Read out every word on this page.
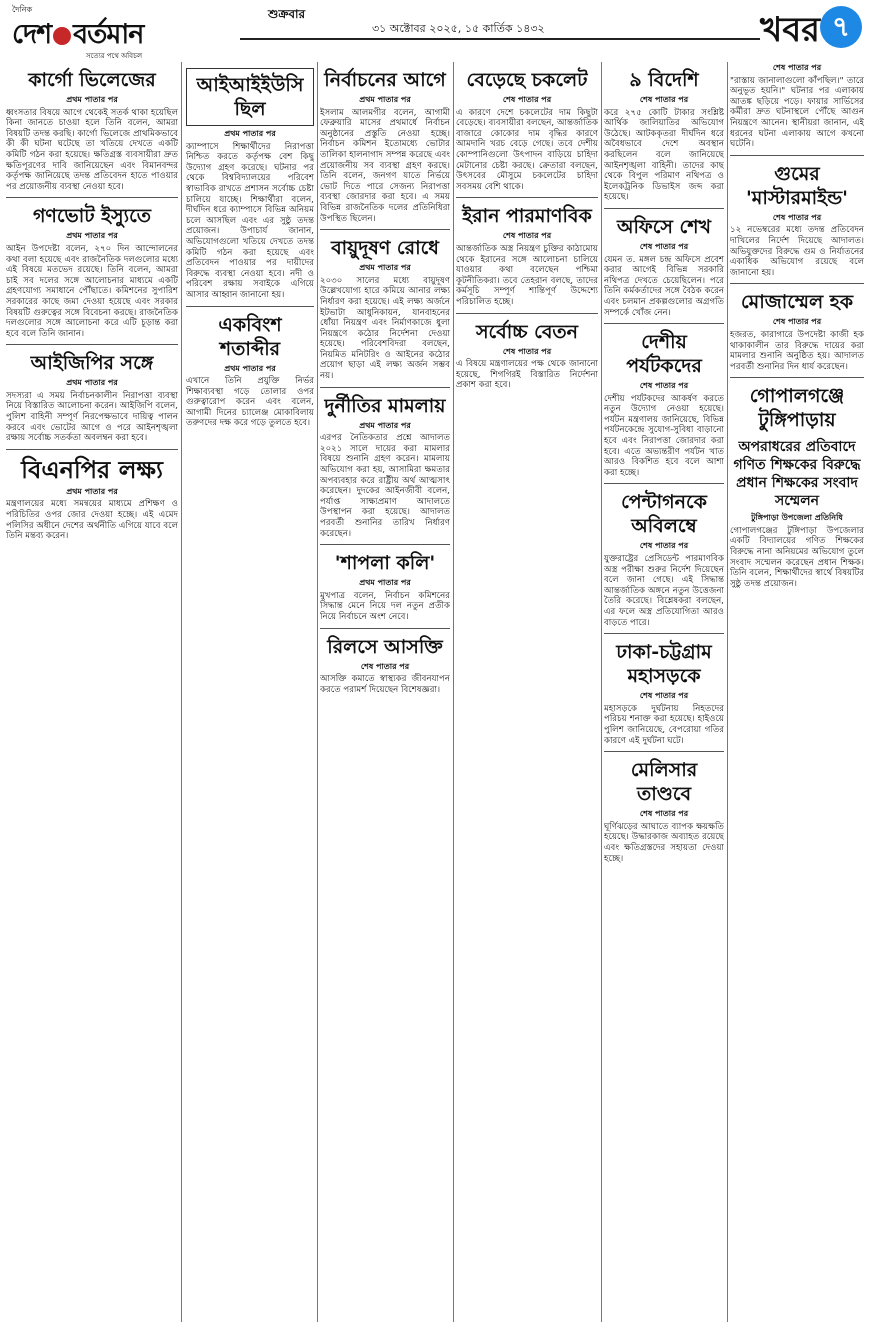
দৈনিক
দেশ বর্তমান
সত্যের পথে অবিচল
শুক্রবার
৩১ অক্টোবর ২০২৫, ১৫ কার্তিক ১৪৩২	খবর ৭
কার্গো ভিলেজের
প্রথম পাতার পর

ধ্বংসতার বিষয়ে আগে থেকেই সতর্ক থাকা হয়েছিল কিনা জানতে চাওয়া হলে তিনি বলেন, আমরা বিষয়টি তদন্ত করছি। কার্গো ভিলেজে প্রাথমিকভাবে কী কী ঘটনা ঘটেছে তা খতিয়ে দেখতে একটি কমিটি গঠন করা হয়েছে। ক্ষতিগ্রস্ত ব্যবসায়ীরা দ্রুত ক্ষতিপূরণের দাবি জানিয়েছেন এবং বিমানবন্দর কর্তৃপক্ষ জানিয়েছে তদন্ত প্রতিবেদন হাতে পাওয়ার পর প্রয়োজনীয় ব্যবস্থা নেওয়া হবে।

গণভোট ইস্যুতে
প্রথম পাতার পর

আইন উপদেষ্টা বলেন, ২৭০ দিন আন্দোলনের কথা বলা হয়েছে এবং রাজনৈতিক দলগুলোর মধ্যে এই বিষয়ে মতভেদ রয়েছে। তিনি বলেন, আমরা চাই সব দলের সঙ্গে আলোচনার মাধ্যমে একটি গ্রহণযোগ্য সমাধানে পৌঁছাতে। কমিশনের সুপারিশ সরকারের কাছে জমা দেওয়া হয়েছে এবং সরকার বিষয়টি গুরুত্বের সঙ্গে বিবেচনা করছে। রাজনৈতিক দলগুলোর সঙ্গে আলোচনা করে এটি চূড়ান্ত করা হবে বলে তিনি জানান।

আইজিপির সঙ্গে
প্রথম পাতার পর

সদস্যরা এ সময় নির্বাচনকালীন নিরাপত্তা ব্যবস্থা নিয়ে বিস্তারিত আলোচনা করেন। আইজিপি বলেন, পুলিশ বাহিনী সম্পূর্ণ নিরপেক্ষভাবে দায়িত্ব পালন করবে এবং ভোটের আগে ও পরে আইনশৃঙ্খলা রক্ষায় সর্বোচ্চ সতর্কতা অবলম্বন করা হবে।

বিএনপির লক্ষ্য
প্রথম পাতার পর

মন্ত্রণালয়ের মধ্যে সমন্বয়ের মাধ্যমে প্রশিক্ষণ ও পরিচিতির ওপর জোর দেওয়া হচ্ছে। এই এমেদ পলিসির অধীনে দেশের অর্থনীতি এগিয়ে যাবে বলে তিনি মন্তব্য করেন।

আইআইইউসি ছিল
প্রথম পাতার পর

ক্যাম্পাসে শিক্ষার্থীদের নিরাপত্তা নিশ্চিত করতে কর্তৃপক্ষ বেশ কিছু উদ্যোগ গ্রহণ করেছে। ঘটনার পর থেকে বিশ্ববিদ্যালয়ের পরিবেশ স্বাভাবিক রাখতে প্রশাসন সর্বোচ্চ চেষ্টা চালিয়ে যাচ্ছে। শিক্ষার্থীরা বলেন, দীর্ঘদিন ধরে ক্যাম্পাসে বিভিন্ন অনিয়ম চলে আসছিল এবং এর সুষ্ঠু তদন্ত প্রয়োজন। উপাচার্য জানান, অভিযোগগুলো খতিয়ে দেখতে তদন্ত কমিটি গঠন করা হয়েছে এবং প্রতিবেদন পাওয়ার পর দায়ীদের বিরুদ্ধে ব্যবস্থা নেওয়া হবে। নদী ও পরিবেশ রক্ষায় সবাইকে এগিয়ে আসার আহ্বান জানানো হয়।

একবিংশ শতাব্দীর
প্রথম পাতার পর

এখানে তিনি প্রযুক্তি নির্ভর শিক্ষাব্যবস্থা গড়ে তোলার ওপর গুরুত্বারোপ করেন এবং বলেন, আগামী দিনের চ্যালেঞ্জ মোকাবিলায় তরুণদের দক্ষ করে গড়ে তুলতে হবে।

নির্বাচনের আগে
প্রথম পাতার পর

ইসলাম আলমগীর বলেন, আগামী ফেব্রুয়ারি মাসের প্রথমার্ধে নির্বাচন অনুষ্ঠানের প্রস্তুতি নেওয়া হচ্ছে। নির্বাচন কমিশন ইতোমধ্যে ভোটার তালিকা হালনাগাদ সম্পন্ন করেছে এবং প্রয়োজনীয় সব ব্যবস্থা গ্রহণ করছে। তিনি বলেন, জনগণ যাতে নির্ভয়ে ভোট দিতে পারে সেজন্য নিরাপত্তা ব্যবস্থা জোরদার করা হবে। এ সময় বিভিন্ন রাজনৈতিক দলের প্রতিনিধিরা উপস্থিত ছিলেন।

বায়ুদূষণ রোধে
প্রথম পাতার পর

২০৩০ সালের মধ্যে বায়ুদূষণ উল্লেখযোগ্য হারে কমিয়ে আনার লক্ষ্য নির্ধারণ করা হয়েছে। এই লক্ষ্য অর্জনে ইটভাটা আধুনিকায়ন, যানবাহনের ধোঁয়া নিয়ন্ত্রণ এবং নির্মাণকাজে ধুলা নিয়ন্ত্রণে কঠোর নির্দেশনা দেওয়া হয়েছে। পরিবেশবিদরা বলছেন, নিয়মিত মনিটরিং ও আইনের কঠোর প্রয়োগ ছাড়া এই লক্ষ্য অর্জন সম্ভব নয়।

দুর্নীতির মামলায়
প্রথম পাতার পর

এরপর নৈতিকতার প্রশ্নে আদালত ২০২১ সালে দায়ের করা মামলার বিষয়ে শুনানি গ্রহণ করেন। মামলায় অভিযোগ করা হয়, আসামিরা ক্ষমতার অপব্যবহার করে রাষ্ট্রীয় অর্থ আত্মসাৎ করেছেন। দুদকের আইনজীবী বলেন, পর্যাপ্ত সাক্ষ্যপ্রমাণ আদালতে উপস্থাপন করা হয়েছে। আদালত পরবর্তী শুনানির তারিখ নির্ধারণ করেছেন।

'শাপলা কলি'
প্রথম পাতার পর

মুখপাত্র বলেন, নির্বাচন কমিশনের সিদ্ধান্ত মেনে নিয়ে দল নতুন প্রতীক নিয়ে নির্বাচনে অংশ নেবে।

রিলসে আসক্তি
শেষ পাতার পর

আসক্তি কমাতে স্বাস্থ্যকর জীবনযাপন করতে পরামর্শ দিয়েছেন বিশেষজ্ঞরা।

বেড়েছে চকলেট
শেষ পাতার পর

এ কারণে দেশে চকলেটের দাম কিছুটা বেড়েছে। ব্যবসায়ীরা বলছেন, আন্তর্জাতিক বাজারে কোকোর দাম বৃদ্ধির কারণে আমদানি খরচ বেড়ে গেছে। তবে দেশীয় কোম্পানিগুলো উৎপাদন বাড়িয়ে চাহিদা মেটানোর চেষ্টা করছে। ক্রেতারা বলছেন, উৎসবের মৌসুমে চকলেটের চাহিদা সবসময় বেশি থাকে।

ইরান পারমাণবিক
শেষ পাতার পর

আন্তর্জাতিক অস্ত্র নিয়ন্ত্রণ চুক্তির কাঠামোয় থেকে ইরানের সঙ্গে আলোচনা চালিয়ে যাওয়ার কথা বলেছেন পশ্চিমা কূটনীতিকরা। তবে তেহরান বলছে, তাদের কর্মসূচি সম্পূর্ণ শান্তিপূর্ণ উদ্দেশ্যে পরিচালিত হচ্ছে।

সর্বোচ্চ বেতন
শেষ পাতার পর

এ বিষয়ে মন্ত্রণালয়ের পক্ষ থেকে জানানো হয়েছে, শিগগিরই বিস্তারিত নির্দেশনা প্রকাশ করা হবে।

৯ বিদেশি
শেষ পাতার পর

করে ২৭৫ কোটি টাকার সংশ্লিষ্ট আর্থিক জালিয়াতির অভিযোগ উঠেছে। আটককৃতরা দীর্ঘদিন ধরে অবৈধভাবে দেশে অবস্থান করছিলেন বলে জানিয়েছে আইনশৃঙ্খলা বাহিনী। তাদের কাছ থেকে বিপুল পরিমাণ নথিপত্র ও ইলেকট্রনিক ডিভাইস জব্দ করা হয়েছে।

অফিসে শেখ
শেষ পাতার পর

যেমন ত. মঙ্গল চন্দ্র অফিসে প্রবেশ করার আগেই বিভিন্ন সরকারি নথিপত্র দেখতে চেয়েছিলেন। পরে তিনি কর্মকর্তাদের সঙ্গে বৈঠক করেন এবং চলমান প্রকল্পগুলোর অগ্রগতি সম্পর্কে খোঁজ নেন।

দেশীয় পর্যটকদের
শেষ পাতার পর

দেশীয় পর্যটকদের আকর্ষণ করতে নতুন উদ্যোগ নেওয়া হয়েছে। পর্যটন মন্ত্রণালয় জানিয়েছে, বিভিন্ন পর্যটনকেন্দ্রে সুযোগ-সুবিধা বাড়ানো হবে এবং নিরাপত্তা জোরদার করা হবে। এতে অভ্যন্তরীণ পর্যটন খাত আরও বিকশিত হবে বলে আশা করা হচ্ছে।

পেন্টাগনকে অবিলম্বে
শেষ পাতার পর

যুক্তরাষ্ট্রের প্রেসিডেন্ট পারমাণবিক অস্ত্র পরীক্ষা শুরুর নির্দেশ দিয়েছেন বলে জানা গেছে। এই সিদ্ধান্ত আন্তর্জাতিক অঙ্গনে নতুন উত্তেজনা তৈরি করেছে। বিশ্লেষকরা বলছেন, এর ফলে অস্ত্র প্রতিযোগিতা আরও বাড়তে পারে।

ঢাকা-চট্টগ্রাম মহাসড়কে
শেষ পাতার পর

মহাসড়কে দুর্ঘটনায় নিহতদের পরিচয় শনাক্ত করা হয়েছে। হাইওয়ে পুলিশ জানিয়েছে, বেপরোয়া গতির কারণে এই দুর্ঘটনা ঘটে।

মেলিসার তাণ্ডবে
শেষ পাতার পর

ঘূর্ণিঝড়ের আঘাতে ব্যাপক ক্ষয়ক্ষতি হয়েছে। উদ্ধারকাজ অব্যাহত রয়েছে এবং ক্ষতিগ্রস্তদের সহায়তা দেওয়া হচ্ছে।

শেষ পাতার পর

"রাস্তায় জানালাগুলো কাঁপছিল।" তারে অনুভূত হয়নি।" ঘটনার পর এলাকায় আতঙ্ক ছড়িয়ে পড়ে। ফায়ার সার্ভিসের কর্মীরা দ্রুত ঘটনাস্থলে পৌঁছে আগুন নিয়ন্ত্রণে আনেন। স্থানীয়রা জানান, এই ধরনের ঘটনা এলাকায় আগে কখনো ঘটেনি।

গুমের 'মাস্টারমাইন্ড'
শেষ পাতার পর

১২ নভেম্বরের মধ্যে তদন্ত প্রতিবেদন দাখিলের নির্দেশ দিয়েছে আদালত। অভিযুক্তদের বিরুদ্ধে গুম ও নির্যাতনের একাধিক অভিযোগ রয়েছে বলে জানানো হয়।

মোজাম্মেল হক
শেষ পাতার পর

হজরত, কারাগারে উপদেষ্টা কাজী হক থাকাকালীন তার বিরুদ্ধে দায়ের করা মামলার শুনানি অনুষ্ঠিত হয়। আদালত পরবর্তী শুনানির দিন ধার্য করেছেন।

গোপালগঞ্জে টুঙ্গিপাড়ায়
অপরাধরের প্রতিবাদে গণিত শিক্ষকের বিরুদ্ধে প্রধান শিক্ষকের সংবাদ সম্মেলন
টুঙ্গিপাড়া উপজেলা প্রতিনিধি

গোপালগঞ্জের টুঙ্গিপাড়া উপজেলার একটি বিদ্যালয়ের গণিত শিক্ষকের বিরুদ্ধে নানা অনিয়মের অভিযোগ তুলে সংবাদ সম্মেলন করেছেন প্রধান শিক্ষক। তিনি বলেন, শিক্ষার্থীদের স্বার্থে বিষয়টির সুষ্ঠু তদন্ত প্রয়োজন।
